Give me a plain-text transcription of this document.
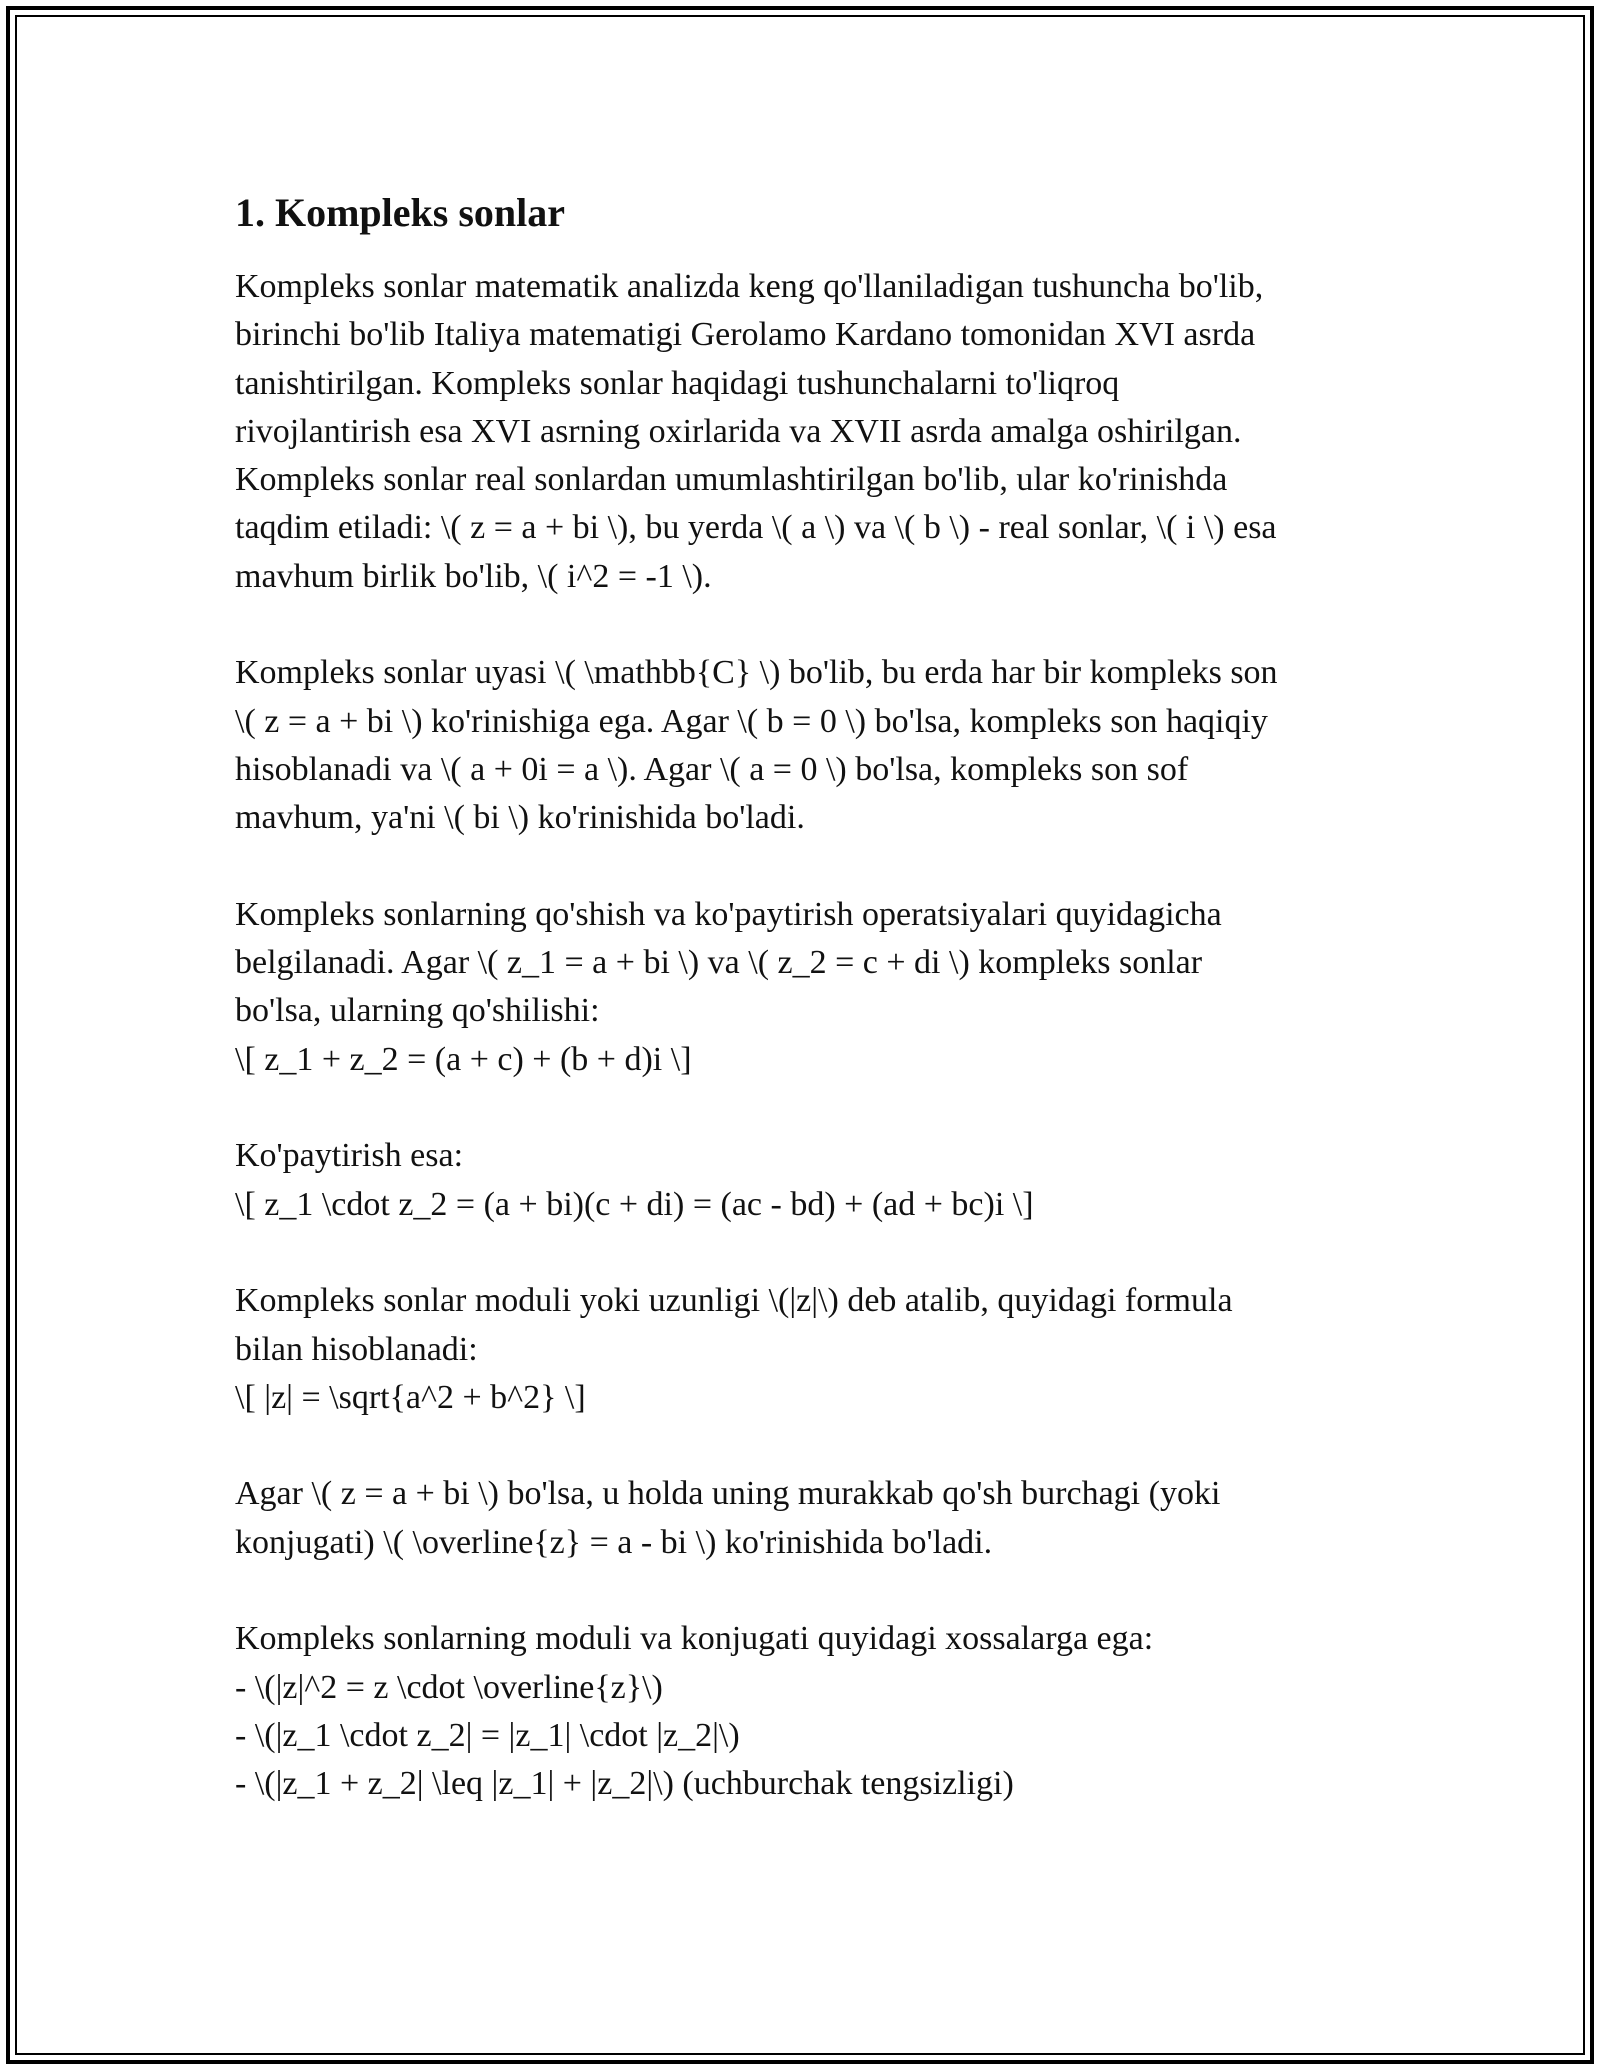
1. Kompleks sonlar
Kompleks sonlar matematik analizda keng qo'llaniladigan tushuncha bo'lib,
birinchi bo'lib Italiya matematigi Gerolamo Kardano tomonidan XVI asrda
tanishtirilgan. Kompleks sonlar haqidagi tushunchalarni to'liqroq
rivojlantirish esa XVI asrning oxirlarida va XVII asrda amalga oshirilgan.
Kompleks sonlar real sonlardan umumlashtirilgan bo'lib, ular ko'rinishda
taqdim etiladi: \( z = a + bi \), bu yerda \( a \) va \( b \) - real sonlar, \( i \) esa
mavhum birlik bo'lib, \( i^2 = -1 \).
Kompleks sonlar uyasi \( \mathbb{C} \) bo'lib, bu erda har bir kompleks son
\( z = a + bi \) ko'rinishiga ega. Agar \( b = 0 \) bo'lsa, kompleks son haqiqiy
hisoblanadi va \( a + 0i = a \). Agar \( a = 0 \) bo'lsa, kompleks son sof
mavhum, ya'ni \( bi \) ko'rinishida bo'ladi.
Kompleks sonlarning qo'shish va ko'paytirish operatsiyalari quyidagicha
belgilanadi. Agar \( z_1 = a + bi \) va \( z_2 = c + di \) kompleks sonlar
bo'lsa, ularning qo'shilishi:
\[ z_1 + z_2 = (a + c) + (b + d)i \]
Ko'paytirish esa:
\[ z_1 \cdot z_2 = (a + bi)(c + di) = (ac - bd) + (ad + bc)i \]
Kompleks sonlar moduli yoki uzunligi \(|z|\) deb atalib, quyidagi formula
bilan hisoblanadi:
\[ |z| = \sqrt{a^2 + b^2} \]
Agar \( z = a + bi \) bo'lsa, u holda uning murakkab qo'sh burchagi (yoki
konjugati) \( \overline{z} = a - bi \) ko'rinishida bo'ladi.
Kompleks sonlarning moduli va konjugati quyidagi xossalarga ega:
- \(|z|^2 = z \cdot \overline{z}\)
- \(|z_1 \cdot z_2| = |z_1| \cdot |z_2|\)
- \(|z_1 + z_2| \leq |z_1| + |z_2|\) (uchburchak tengsizligi)
